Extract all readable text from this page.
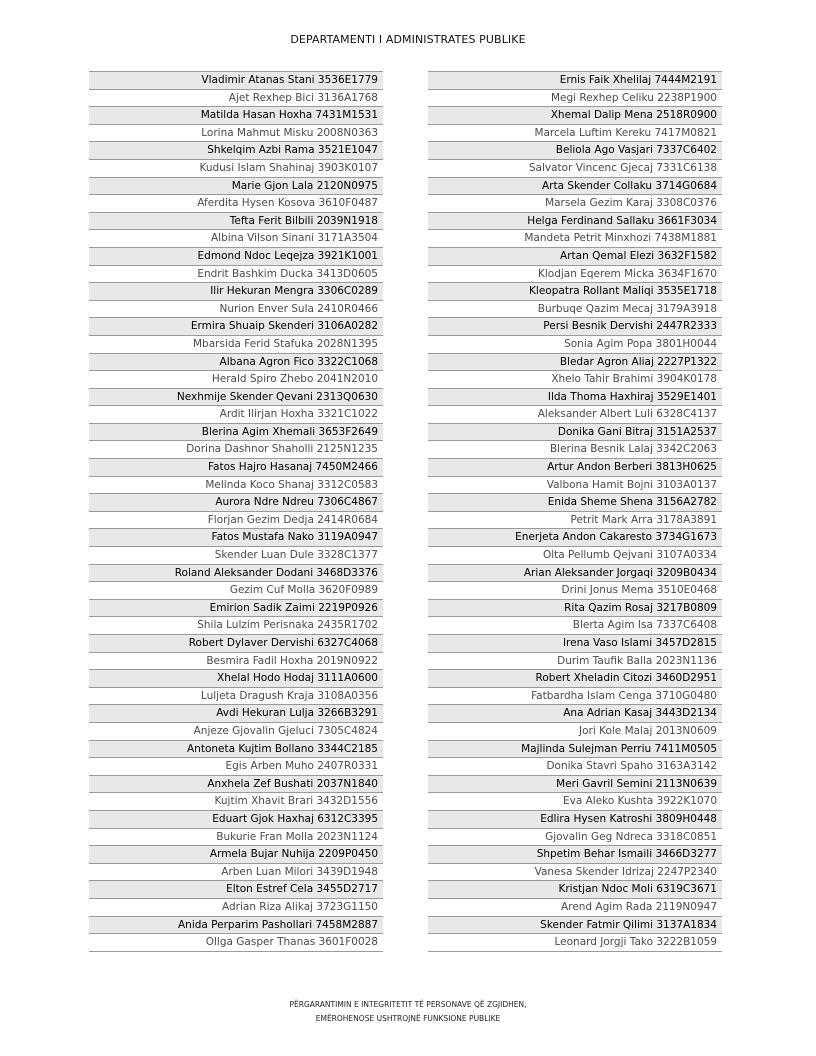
DEPARTAMENTI I ADMINISTRATES PUBLIKE
Vladimir Atanas Stani 3536E1779
Ajet Rexhep Bici 3136A1768
Matilda Hasan Hoxha 7431M1531
Lorina Mahmut Misku 2008N0363
Shkelqim Azbi Rama 3521E1047
Kudusi Islam Shahinaj 3903K0107
Marie Gjon Lala 2120N0975
Aferdita Hysen Kosova 3610F0487
Tefta Ferit Bilbili 2039N1918
Albina Vilson Sinani 3171A3504
Edmond Ndoc Leqejza 3921K1001
Endrit Bashkim Ducka 3413D0605
Ilir Hekuran Mengra 3306C0289
Nurion Enver Sula 2410R0466
Ermira Shuaip Skenderi 3106A0282
Mbarsida Ferid Stafuka 2028N1395
Albana Agron Fico 3322C1068
Herald Spiro Zhebo 2041N2010
Nexhmije Skender Qevani 2313Q0630
Ardit Ilirjan Hoxha 3321C1022
Blerina Agim Xhemali 3653F2649
Dorina Dashnor Shaholli 2125N1235
Fatos Hajro Hasanaj 7450M2466
Melinda Koco Shanaj 3312C0583
Aurora Ndre Ndreu 7306C4867
Florjan Gezim Dedja 2414R0684
Fatos Mustafa Nako 3119A0947
Skender Luan Dule 3328C1377
Roland Aleksander Dodani 3468D3376
Gezim Cuf Molla 3620F0989
Emirion Sadik Zaimi 2219P0926
Shila Lulzim Perisnaka 2435R1702
Robert Dylaver Dervishi 6327C4068
Besmira Fadil Hoxha 2019N0922
Xhelal Hodo Hodaj 3111A0600
Luljeta Dragush Kraja 3108A0356
Avdi Hekuran Lulja 3266B3291
Anjeze Gjovalin Gjeluci 7305C4824
Antoneta Kujtim Bollano 3344C2185
Egis Arben Muho 2407R0331
Anxhela Zef Bushati 2037N1840
Kujtim Xhavit Brari 3432D1556
Eduart Gjok Haxhaj 6312C3395
Bukurie Fran Molla 2023N1124
Armela Bujar Nuhija 2209P0450
Arben Luan Milori 3439D1948
Elton Estref Cela 3455D2717
Adrian Riza Alikaj 3723G1150
Anida Perparim Pashollari 7458M2887
Ollga Gasper Thanas 3601F0028
Ernis Faik Xhelilaj 7444M2191
Megi Rexhep Celiku 2238P1900
Xhemal Dalip Mena 2518R0900
Marcela Luftim Kereku 7417M0821
Beliola Ago Vasjari 7337C6402
Salvator Vincenc Gjecaj 7331C6138
Arta Skender Collaku 3714G0684
Marsela Gezim Karaj 3308C0376
Helga Ferdinand Sallaku 3661F3034
Mandeta Petrit Minxhozi 7438M1881
Artan Qemal Elezi 3632F1582
Klodjan Eqerem Micka 3634F1670
Kleopatra Rollant Maliqi 3535E1718
Burbuqe Qazim Mecaj 3179A3918
Persi Besnik Dervishi 2447R2333
Sonia Agim Popa 3801H0044
Bledar Agron Aliaj 2227P1322
Xhelo Tahir Brahimi 3904K0178
Ilda Thoma Haxhiraj 3529E1401
Aleksander Albert Luli 6328C4137
Donika Gani Bitraj 3151A2537
Blerina Besnik Lalaj 3342C2063
Artur Andon Berberi 3813H0625
Valbona Hamit Bojni 3103A0137
Enida Sheme Shena 3156A2782
Petrit Mark Arra 3178A3891
Enerjeta Andon Cakaresto 3734G1673
Olta Pellumb Qejvani 3107A0334
Arian Aleksander Jorgaqi 3209B0434
Drini Jonus Mema 3510E0468
Rita Qazim Rosaj 3217B0809
Blerta Agim Isa 7337C6408
Irena Vaso Islami 3457D2815
Durim Taufik Balla 2023N1136
Robert Xheladin Citozi 3460D2951
Fatbardha Islam Cenga 3710G0480
Ana Adrian Kasaj 3443D2134
Jori Kole Malaj 2013N0609
Majlinda Sulejman Perriu 7411M0505
Donika Stavri Spaho 3163A3142
Meri Gavril Semini 2113N0639
Eva Aleko Kushta 3922K1070
Edlira Hysen Katroshi 3809H0448
Gjovalin Geg Ndreca 3318C0851
Shpetim Behar Ismaili 3466D3277
Vanesa Skender Idrizaj 2247P2340
Kristjan Ndoc Moli 6319C3671
Arend Agim Rada 2119N0947
Skender Fatmir Qilimi 3137A1834
Leonard Jorgji Tako 3222B1059
PËRGARANTIMIN E INTEGRITETIT TË PERSONAVE QË ZGJIDHEN,
EMËROHENOSE USHTROJNË FUNKSIONE PUBLIKE
